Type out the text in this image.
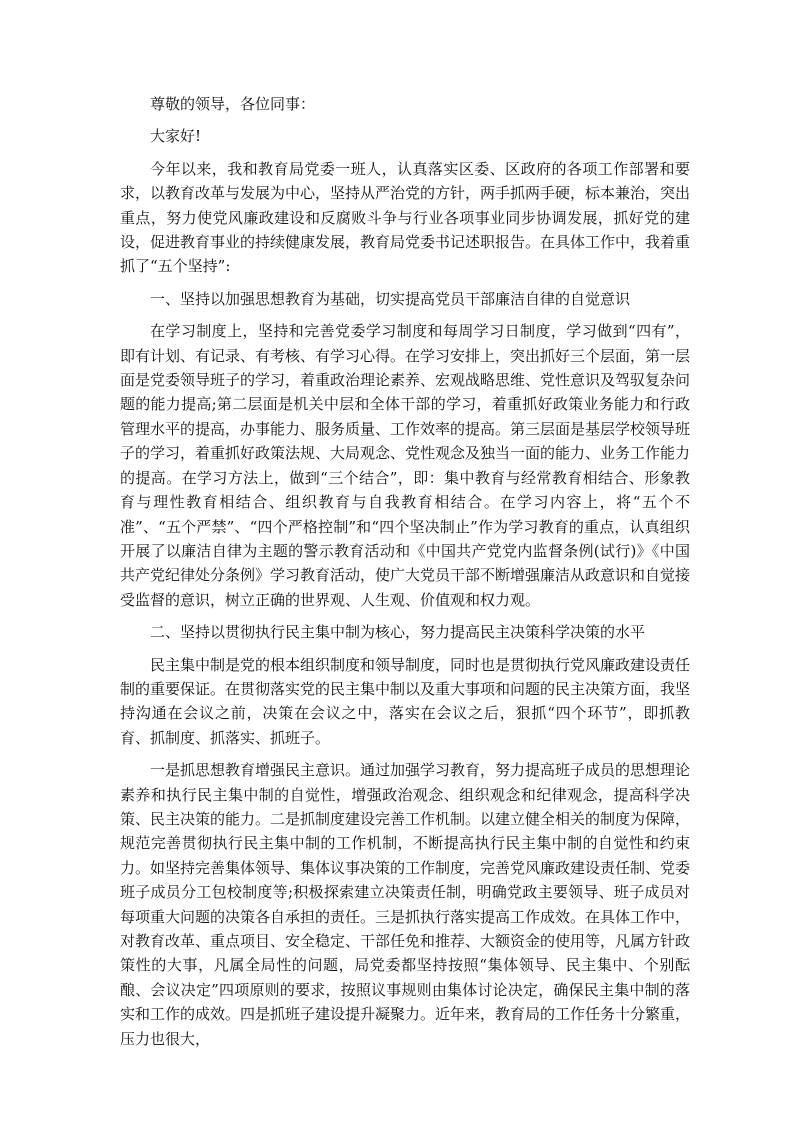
尊敬的领导，各位同事：

大家好!

今年以来，我和教育局党委一班人，认真落实区委、区政府的各项工作部署和要求，以教育改革与发展为中心，坚持从严治党的方针，两手抓两手硬，标本兼治，突出重点，努力使党风廉政建设和反腐败斗争与行业各项事业同步协调发展，抓好党的建设，促进教育事业的持续健康发展，教育局党委书记述职报告。在具体工作中，我着重抓了“五个坚持”:

一、坚持以加强思想教育为基础，切实提高党员干部廉洁自律的自觉意识

在学习制度上，坚持和完善党委学习制度和每周学习日制度，学习做到“四有”，即有计划、有记录、有考核、有学习心得。在学习安排上，突出抓好三个层面，第一层面是党委领导班子的学习，着重政治理论素养、宏观战略思维、党性意识及驾驭复杂问题的能力提高;第二层面是机关中层和全体干部的学习，着重抓好政策业务能力和行政管理水平的提高，办事能力、服务质量、工作效率的提高。第三层面是基层学校领导班子的学习，着重抓好政策法规、大局观念、党性观念及独当一面的能力、业务工作能力的提高。在学习方法上，做到“三个结合”，即：集中教育与经常教育相结合、形象教育与理性教育相结合、组织教育与自我教育相结合。在学习内容上，将“五个不准”、“五个严禁”、“四个严格控制”和“四个坚决制止”作为学习教育的重点，认真组织开展了以廉洁自律为主题的警示教育活动和《中国共产党党内监督条例(试行)》《中国共产党纪律处分条例》学习教育活动，使广大党员干部不断增强廉洁从政意识和自觉接受监督的意识，树立正确的世界观、人生观、价值观和权力观。

二、坚持以贯彻执行民主集中制为核心，努力提高民主决策科学决策的水平

民主集中制是党的根本组织制度和领导制度，同时也是贯彻执行党风廉政建设责任制的重要保证。在贯彻落实党的民主集中制以及重大事项和问题的民主决策方面，我坚持沟通在会议之前，决策在会议之中，落实在会议之后，狠抓“四个环节”，即抓教育、抓制度、抓落实、抓班子。

一是抓思想教育增强民主意识。通过加强学习教育，努力提高班子成员的思想理论素养和执行民主集中制的自觉性，增强政治观念、组织观念和纪律观念，提高科学决策、民主决策的能力。二是抓制度建设完善工作机制。以建立健全相关的制度为保障，规范完善贯彻执行民主集中制的工作机制，不断提高执行民主集中制的自觉性和约束力。如坚持完善集体领导、集体议事决策的工作制度，完善党风廉政建设责任制、党委班子成员分工包校制度等;积极探索建立决策责任制，明确党政主要领导、班子成员对每项重大问题的决策各自承担的责任。三是抓执行落实提高工作成效。在具体工作中，对教育改革、重点项目、安全稳定、干部任免和推荐、大额资金的使用等，凡属方针政策性的大事，凡属全局性的问题，局党委都坚持按照“集体领导、民主集中、个别酝酿、会议决定”四项原则的要求，按照议事规则由集体讨论决定，确保民主集中制的落实和工作的成效。四是抓班子建设提升凝聚力。近年来，教育局的工作任务十分繁重，压力也很大，
